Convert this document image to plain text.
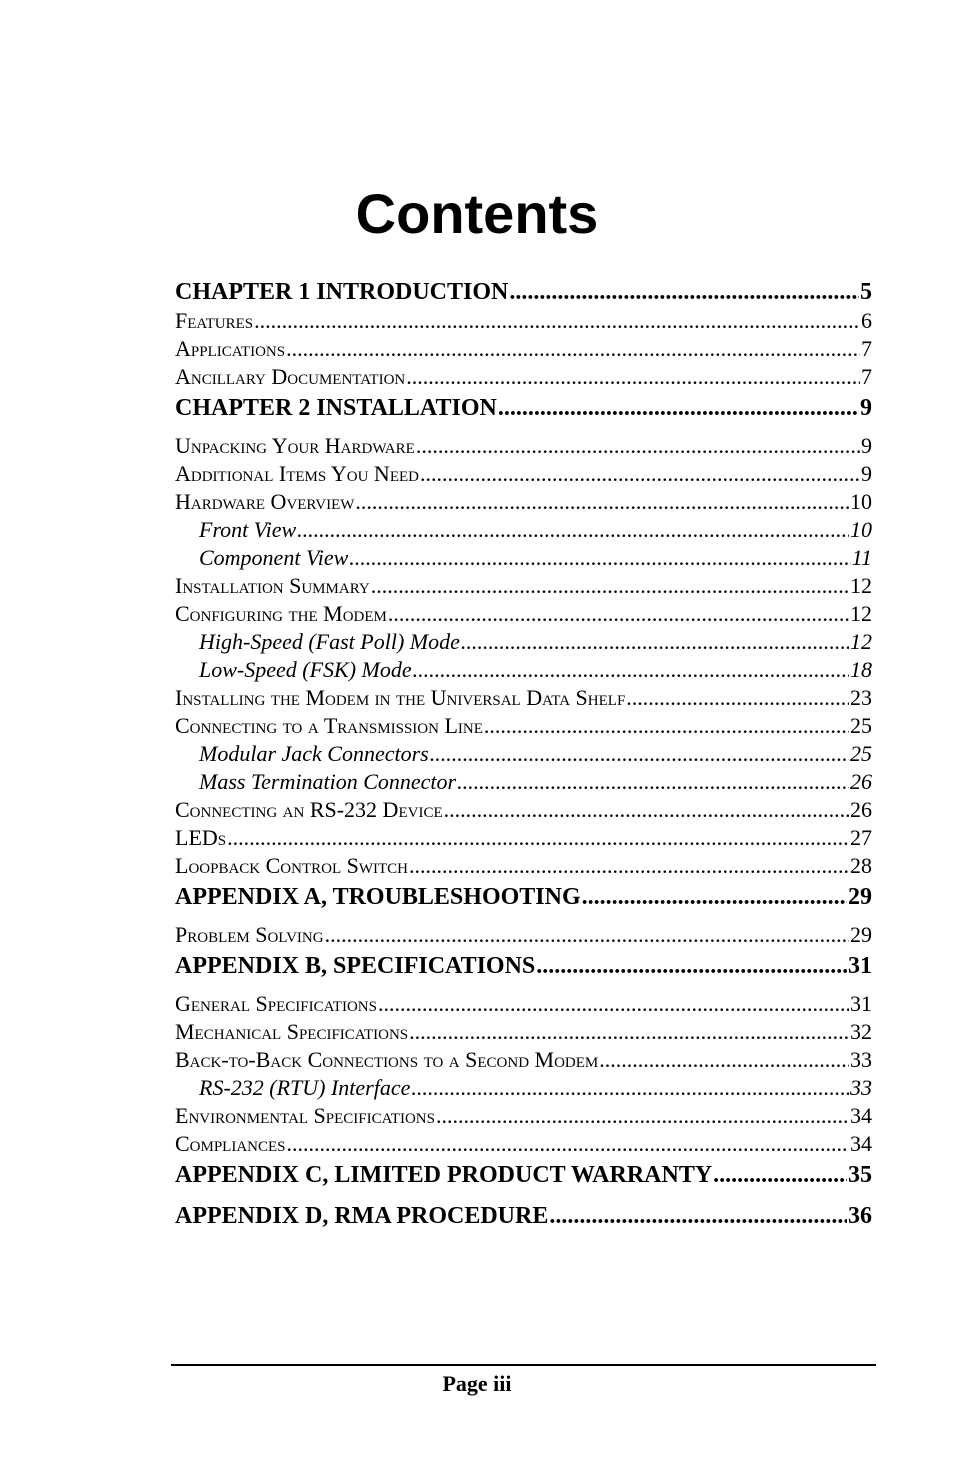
Contents
CHAPTER 1 INTRODUCTION .....	5
Features .....	6
Applications .....	7
Ancillary Documentation .....	7
CHAPTER 2 INSTALLATION .....	9
Unpacking Your Hardware .....	9
Additional Items You Need .....	9
Hardware Overview .....	10
Front View .....	10
Component View .....	11
Installation Summary .....	12
Configuring the Modem .....	12
High-Speed (Fast Poll) Mode .....	12
Low-Speed (FSK) Mode .....	18
Installing the Modem in the Universal Data Shelf .....	23
Connecting to a Transmission Line .....	25
Modular Jack Connectors .....	25
Mass Termination Connector .....	26
Connecting an RS-232 Device .....	26
LEDs .....	27
Loopback Control Switch .....	28
APPENDIX A, TROUBLESHOOTING .....	29
Problem Solving .....	29
APPENDIX B, SPECIFICATIONS .....	31
General Specifications .....	31
Mechanical Specifications .....	32
Back-to-Back Connections to a Second Modem .....	33
RS-232 (RTU) Interface .....	33
Environmental Specifications .....	34
Compliances .....	34
APPENDIX C, LIMITED PRODUCT WARRANTY .....	35
APPENDIX D, RMA PROCEDURE .....	36
Page iii
